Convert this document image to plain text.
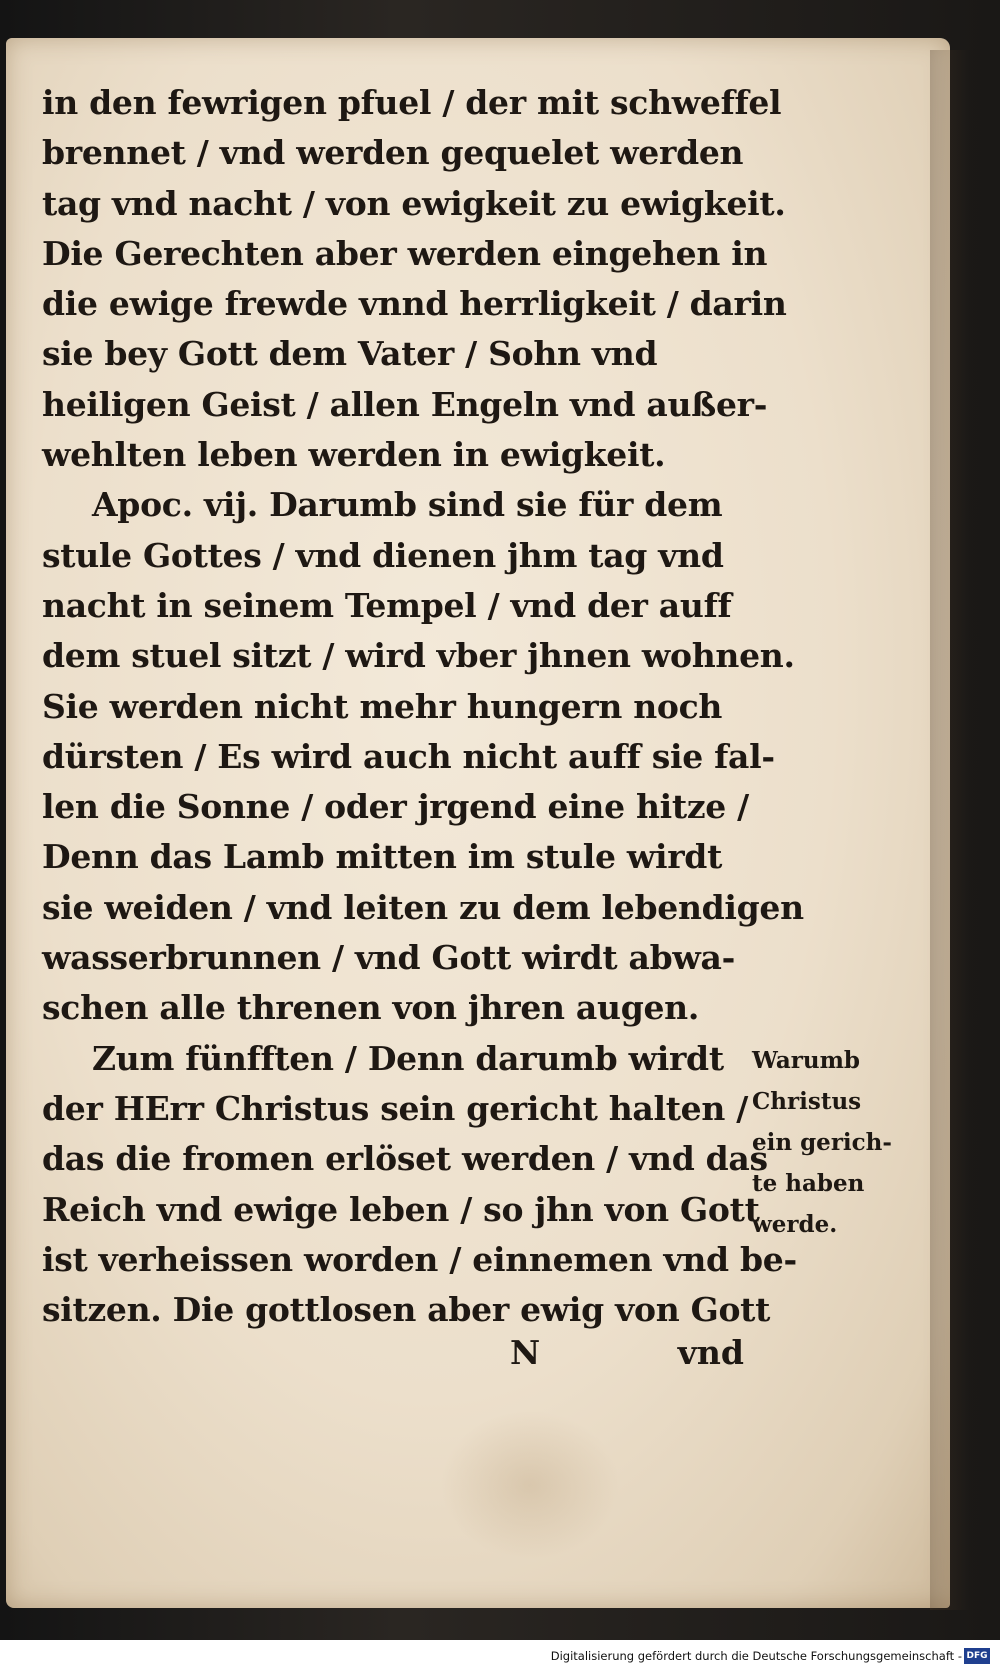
in den fewrigen pfuel / der mit schweffel
brennet / vnd werden gequelet werden
tag vnd nacht / von ewigkeit zu ewigkeit.
Die Gerechten aber werden eingehen in
die ewige frewde vnnd herrligkeit / darin
sie bey Gott dem Vater / Sohn vnd
heiligen Geist / allen Engeln vnd außer-
wehlten leben werden in ewigkeit.
Apoc. vij. Darumb sind sie für dem
stule Gottes / vnd dienen jhm tag vnd
nacht in seinem Tempel / vnd der auff
dem stuel sitzt / wird vber jhnen wohnen.
Sie werden nicht mehr hungern noch
dürsten / Es wird auch nicht auff sie fal-
len die Sonne / oder jrgend eine hitze /
Denn das Lamb mitten im stule wirdt
sie weiden / vnd leiten zu dem lebendigen
wasserbrunnen / vnd Gott wirdt abwa-
schen alle threnen von jhren augen.
Zum fünfften / Denn darumb wirdt
der HErr Christus sein gericht halten /
das die fromen erlöset werden / vnd das
Reich vnd ewige leben / so jhn von Gott
ist verheissen worden / einnemen vnd be-
sitzen. Die gottlosen aber ewig von Gott
N	vnd
Warumb
Christus
ein gerich-
te haben
werde.
Digitalisierung gefördert durch die Deutsche Forschungsgemeinschaft - DFG
